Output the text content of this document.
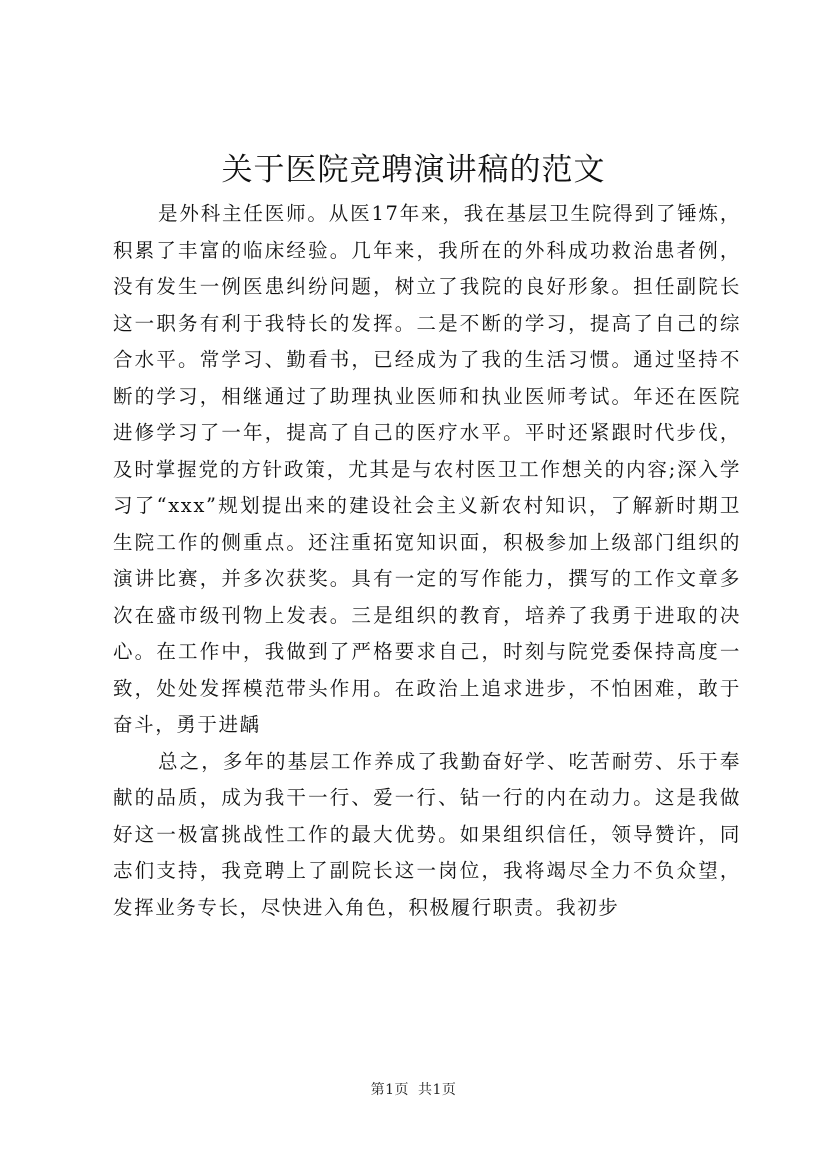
关于医院竞聘演讲稿的范文

是外科主任医师。从医17年来，我在基层卫生院得到了锤炼，积累了丰富的临床经验。几年来，我所在的外科成功救治患者例，没有发生一例医患纠纷问题，树立了我院的良好形象。担任副院长这一职务有利于我特长的发挥。二是不断的学习，提高了自己的综合水平。常学习、勤看书，已经成为了我的生活习惯。通过坚持不断的学习，相继通过了助理执业医师和执业医师考试。年还在医院进修学习了一年，提高了自己的医疗水平。平时还紧跟时代步伐，及时掌握党的方针政策，尤其是与农村医卫工作想关的内容;深入学习了“xxx”规划提出来的建设社会主义新农村知识，了解新时期卫生院工作的侧重点。还注重拓宽知识面，积极参加上级部门组织的演讲比赛，并多次获奖。具有一定的写作能力，撰写的工作文章多次在盛市级刊物上发表。三是组织的教育，培养了我勇于进取的决心。在工作中，我做到了严格要求自己，时刻与院党委保持高度一致，处处发挥模范带头作用。在政治上追求进步，不怕困难，敢于奋斗，勇于进龋

总之，多年的基层工作养成了我勤奋好学、吃苦耐劳、乐于奉献的品质，成为我干一行、爱一行、钻一行的内在动力。这是我做好这一极富挑战性工作的最大优势。如果组织信任，领导赞许，同志们支持，我竞聘上了副院长这一岗位，我将竭尽全力不负众望，发挥业务专长，尽快进入角色，积极履行职责。我初步

第1页 共1页
